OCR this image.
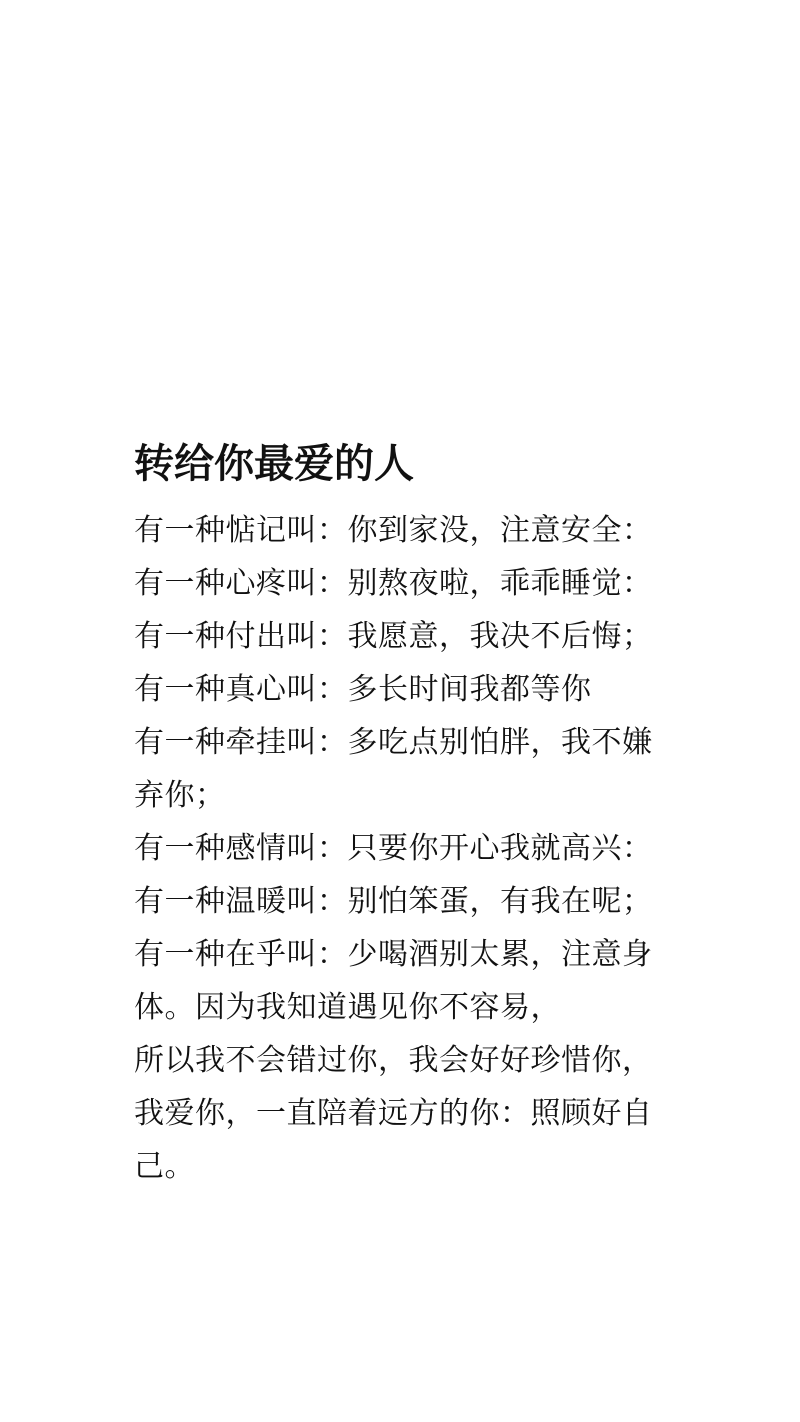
转给你最爱的人

有一种惦记叫：你到家没，注意安全：

有一种心疼叫：别熬夜啦，乖乖睡觉：

有一种付出叫：我愿意，我决不后悔；

有一种真心叫：多长时间我都等你

有一种牵挂叫：多吃点别怕胖，我不嫌

弃你；

有一种感情叫：只要你开心我就高兴：

有一种温暖叫：别怕笨蛋，有我在呢；

有一种在乎叫：少喝酒别太累，注意身

体。因为我知道遇见你不容易，

所以我不会错过你，我会好好珍惜你，

我爱你，一直陪着远方的你：照顾好自

己。
